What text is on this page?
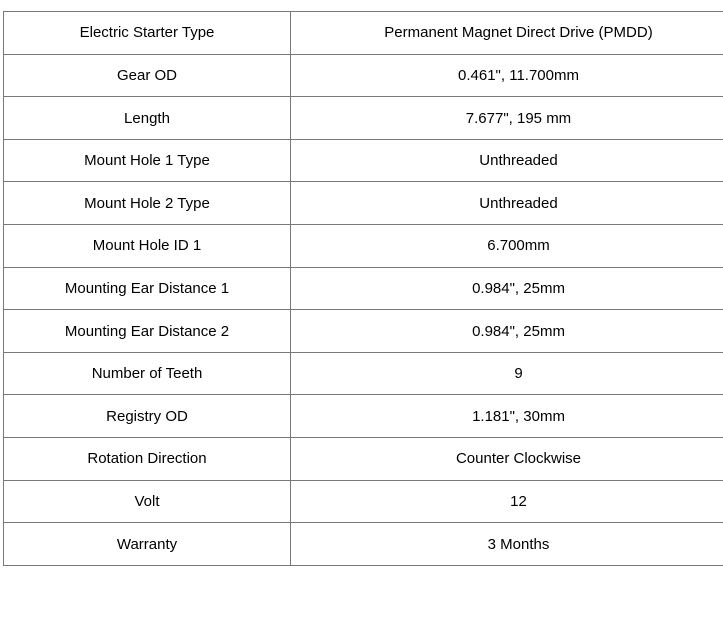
Electric Starter Type	Permanent Magnet Direct Drive (PMDD)
Gear OD	0.461", 11.700mm
Length	7.677", 195 mm
Mount Hole 1 Type	Unthreaded
Mount Hole 2 Type	Unthreaded
Mount Hole ID 1	6.700mm
Mounting Ear Distance 1	0.984", 25mm
Mounting Ear Distance 2	0.984", 25mm
Number of Teeth	9
Registry OD	1.181", 30mm
Rotation Direction	Counter Clockwise
Volt	12
Warranty	3 Months
